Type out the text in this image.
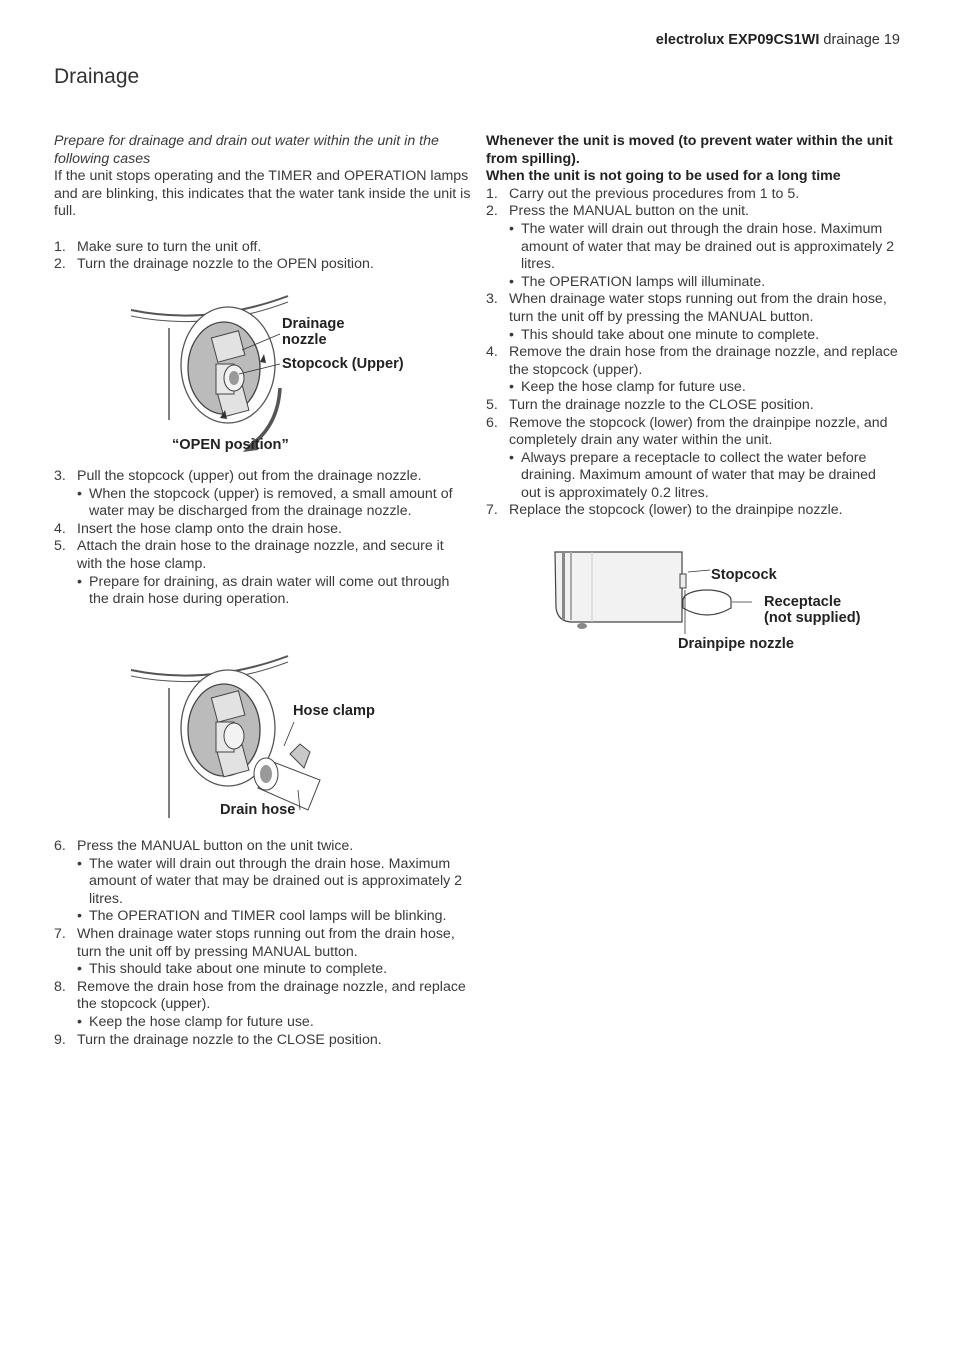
electrolux EXP09CS1WI drainage 19
Drainage

Prepare for drainage and drain out water within the unit in the following cases

If the unit stops operating and the TIMER and OPERATION lamps and are blinking, this indicates that the water tank inside the unit is full.

1. Make sure to turn the unit off.
2. Turn the drainage nozzle to the OPEN position.
Drainage
nozzle
Stopcock (Upper)
“OPEN position”
3. Pull the stopcock (upper) out from the drainage nozzle.
• When the stopcock (upper) is removed, a small amount of water may be discharged from the drainage nozzle.
4. Insert the hose clamp onto the drain hose.
5. Attach the drain hose to the drainage nozzle, and secure it with the hose clamp.
• Prepare for draining, as drain water will come out through the drain hose during operation.
Hose clamp
Drain hose
6. Press the MANUAL button on the unit twice.
• The water will drain out through the drain hose. Maximum amount of water that may be drained out is approximately 2 litres.
• The OPERATION and TIMER cool lamps will be blinking.
7. When drainage water stops running out from the drain hose, turn the unit off by pressing MANUAL button.
• This should take about one minute to complete.
8. Remove the drain hose from the drainage nozzle, and replace the stopcock (upper).
• Keep the hose clamp for future use.
9. Turn the drainage nozzle to the CLOSE position.

Whenever the unit is moved (to prevent water within the unit from spilling).

When the unit is not going to be used for a long time

1. Carry out the previous procedures from 1 to 5.
2. Press the MANUAL button on the unit.
• The water will drain out through the drain hose. Maximum amount of water that may be drained out is approximately 2 litres.
• The OPERATION lamps will illuminate.
3. When drainage water stops running out from the drain hose, turn the unit off by pressing the MANUAL button.
• This should take about one minute to complete.
4. Remove the drain hose from the drainage nozzle, and replace the stopcock (upper).
• Keep the hose clamp for future use.
5. Turn the drainage nozzle to the CLOSE position.
6. Remove the stopcock (lower) from the drainpipe nozzle, and completely drain any water within the unit.
• Always prepare a receptacle to collect the water before draining. Maximum amount of water that may be drained out is approximately 0.2 litres.
7. Replace the stopcock (lower) to the drainpipe nozzle.
Stopcock
Receptacle
(not supplied)
Drainpipe nozzle
